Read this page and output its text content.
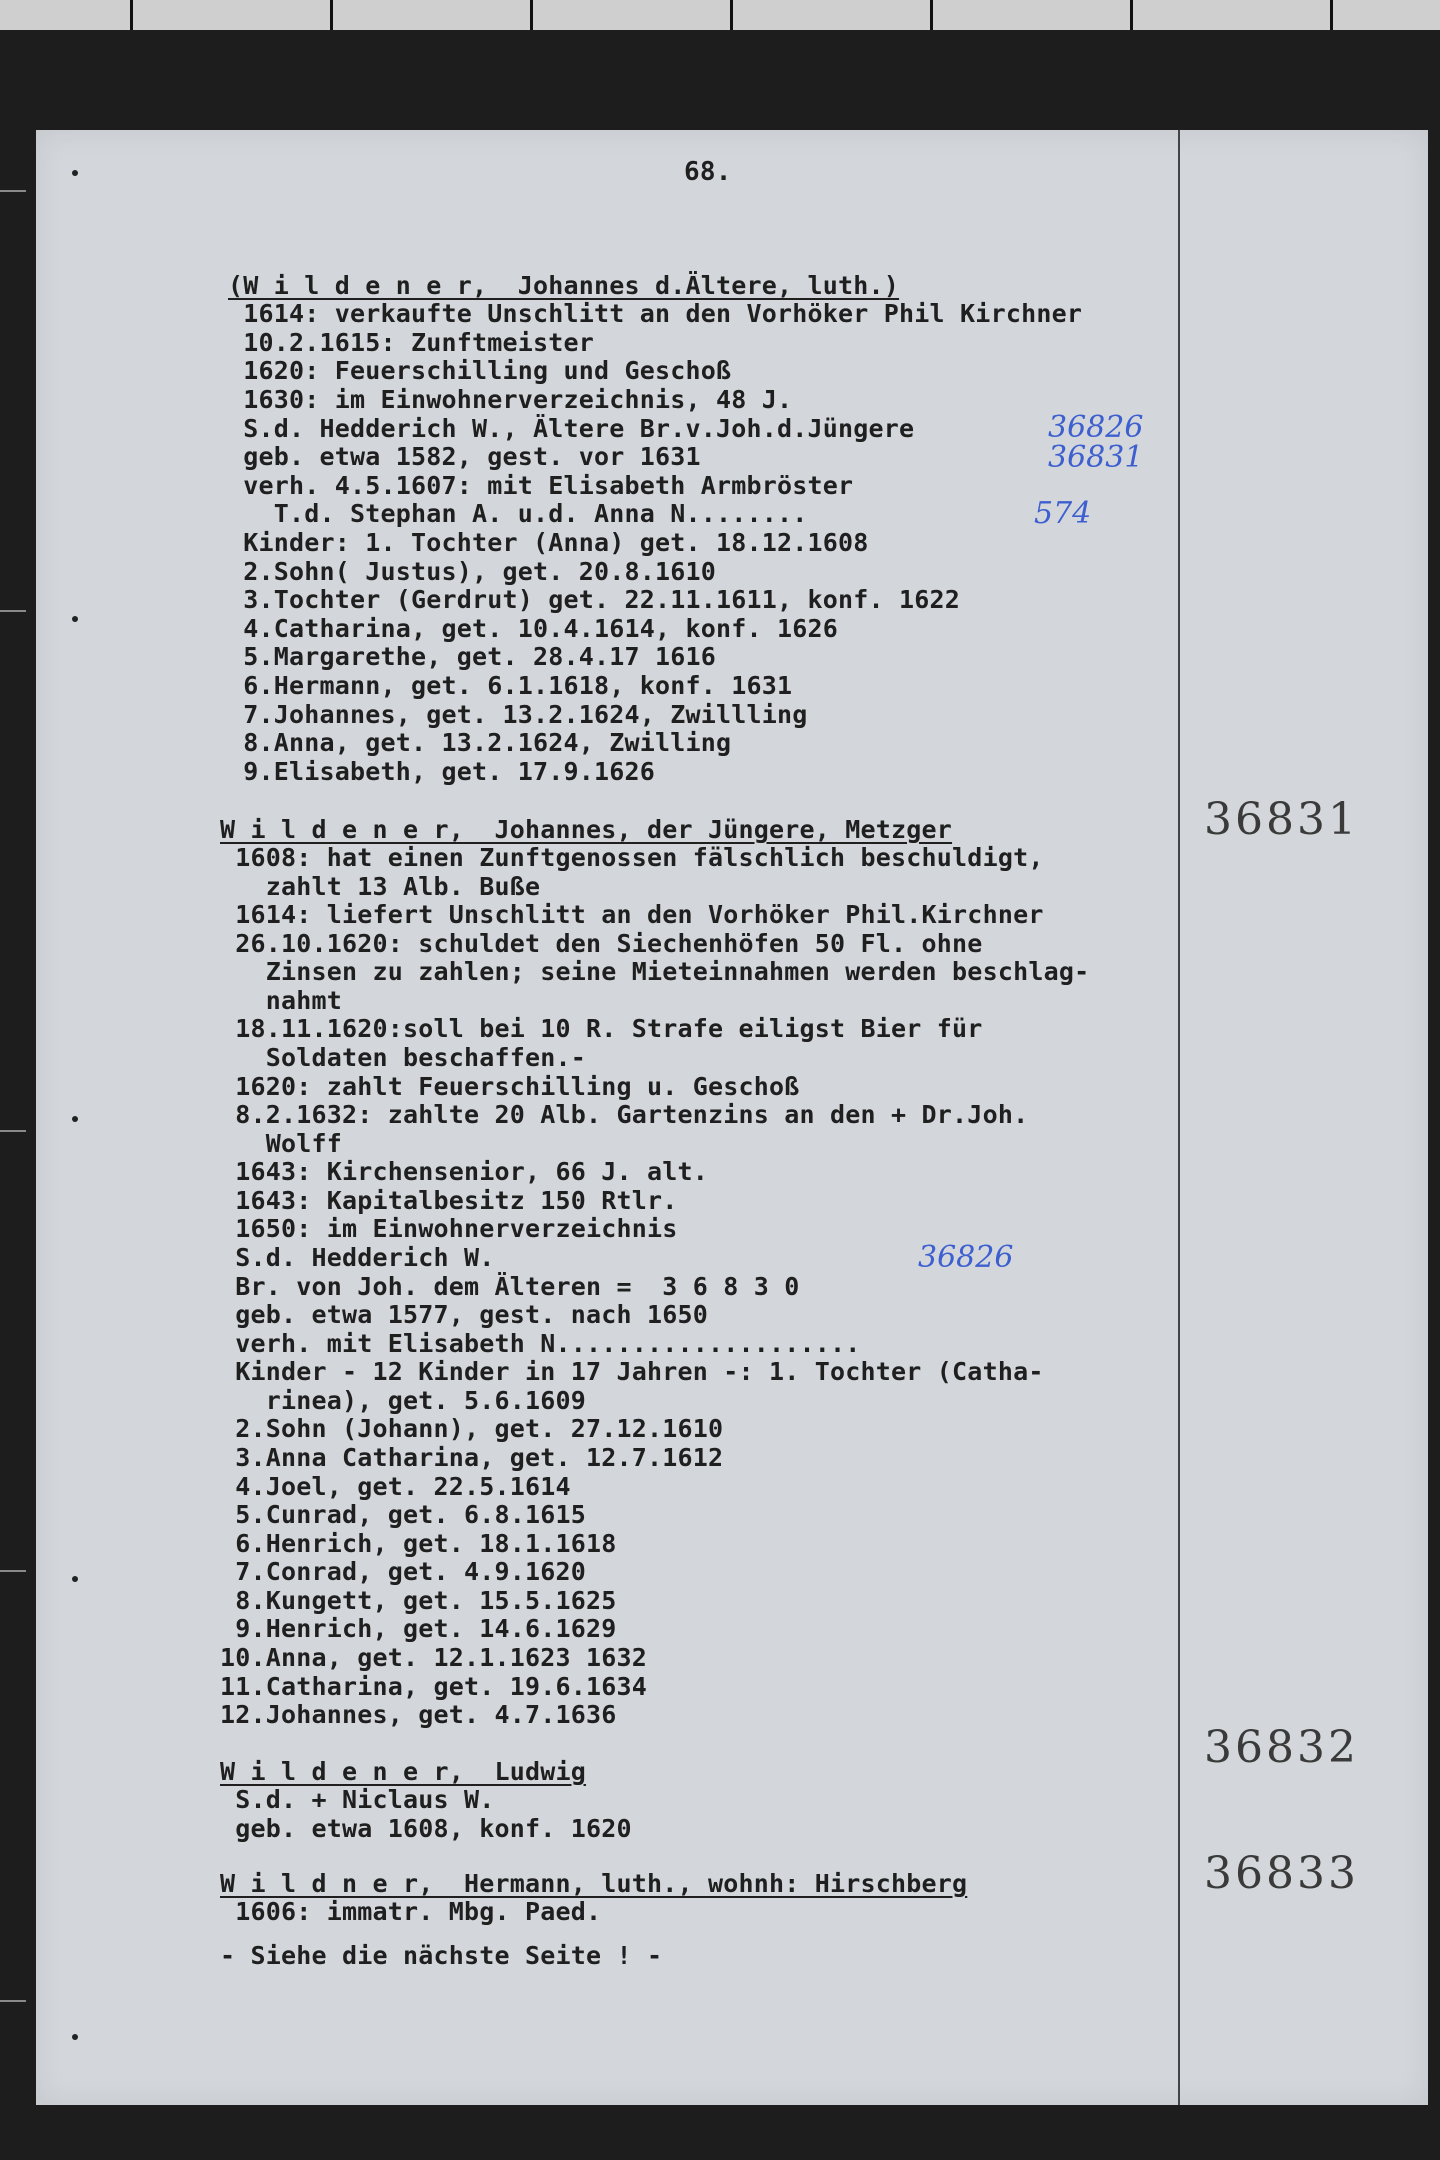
68.
(W i l d e n e r,  Johannes d.Ältere, luth.)
1614: verkaufte Unschlitt an den Vorhöker Phil Kirchner
10.2.1615: Zunftmeister
1620: Feuerschilling und Geschoß
1630: im Einwohnerverzeichnis, 48 J.
S.d. Hedderich W., Ältere Br.v.Joh.d.Jüngere
geb. etwa 1582, gest. vor 1631
verh. 4.5.1607: mit Elisabeth Armbröster
T.d. Stephan A. u.d. Anna N........
Kinder: 1. Tochter (Anna) get. 18.12.1608
2.Sohn( Justus), get. 20.8.1610
3.Tochter (Gerdrut) get. 22.11.1611, konf. 1622
4.Catharina, get. 10.4.1614, konf. 1626
5.Margarethe, get. 28.4.17 1616
6.Hermann, get. 6.1.1618, konf. 1631
7.Johannes, get. 13.2.1624, Zwillling
8.Anna, get. 13.2.1624, Zwilling
9.Elisabeth, get. 17.9.1626
36826
36831
574
36831
W i l d e n e r,  Johannes, der Jüngere, Metzger
1608: hat einen Zunftgenossen fälschlich beschuldigt,
zahlt 13 Alb. Buße
1614: liefert Unschlitt an den Vorhöker Phil.Kirchner
26.10.1620: schuldet den Siechenhöfen 50 Fl. ohne
Zinsen zu zahlen; seine Mieteinnahmen werden beschlag-
nahmt
18.11.1620:soll bei 10 R. Strafe eiligst Bier für
Soldaten beschaffen.-
1620: zahlt Feuerschilling u. Geschoß
8.2.1632: zahlte 20 Alb. Gartenzins an den + Dr.Joh.
Wolff
1643: Kirchensenior, 66 J. alt.
1643: Kapitalbesitz 150 Rtlr.
1650: im Einwohnerverzeichnis
S.d. Hedderich W.
Br. von Joh. dem Älteren =  3 6 8 3 0
geb. etwa 1577, gest. nach 1650
verh. mit Elisabeth N....................
Kinder - 12 Kinder in 17 Jahren -: 1. Tochter (Catha-
rinea), get. 5.6.1609
2.Sohn (Johann), get. 27.12.1610
3.Anna Catharina, get. 12.7.1612
4.Joel, get. 22.5.1614
5.Cunrad, get. 6.8.1615
6.Henrich, get. 18.1.1618
7.Conrad, get. 4.9.1620
8.Kungett, get. 15.5.1625
9.Henrich, get. 14.6.1629
10.Anna, get. 12.1.1623 1632
11.Catharina, get. 19.6.1634
12.Johannes, get. 4.7.1636
36826
36832
W i l d e n e r,  Ludwig
S.d. + Niclaus W.
geb. etwa 1608, konf. 1620
36833
W i l d n e r,  Hermann, luth., wohnh: Hirschberg
1606: immatr. Mbg. Paed.
- Siehe die nächste Seite ! -
